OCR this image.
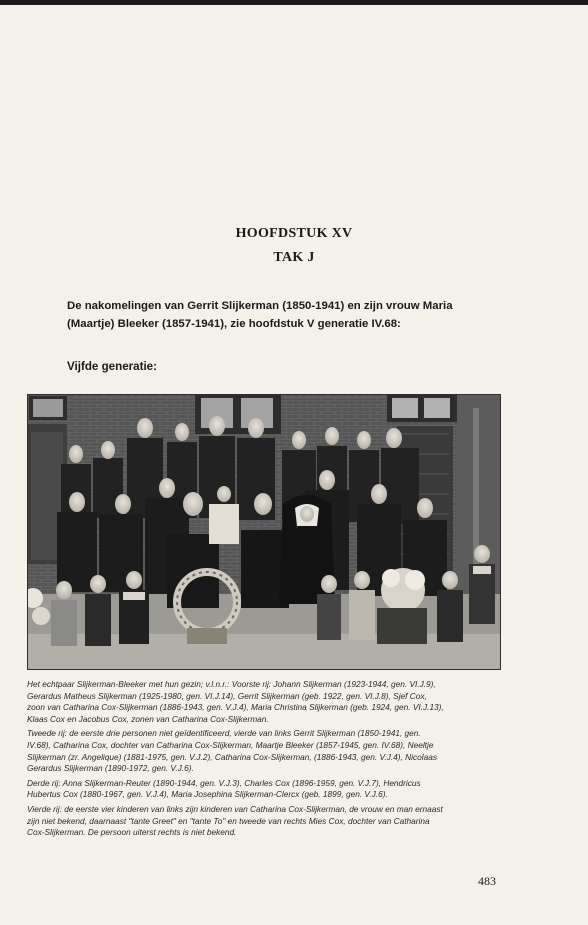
HOOFDSTUK XV
TAK J
De nakomelingen van Gerrit Slijkerman (1850-1941) en zijn vrouw Maria
(Maartje) Bleeker (1857-1941), zie hoofdstuk V generatie IV.68:
Vijfde generatie:

Het echtpaar Slijkerman-Bleeker met hun gezin; v.l.n.r.: Voorste rij: Johann Slijkerman (1923-1944, gen. VI.J.9),
Gerardus Matheus Slijkerman (1925-1980, gen. VI.J.14), Gerrit Slijkerman (geb. 1922, gen. VI.J.8), Sjef Cox,
zoon van Catharina Cox-Slijkerman (1886-1943, gen. V.J.4), Maria Christina Slijkerman (geb. 1924, gen. VI.J.13),
Klaas Cox en Jacobus Cox, zonen van Catharina Cox-Slijkerman.

Tweede rij: de eerste drie personen niet geïdentificeerd, vierde van links Gerrit Slijkerman (1850-1941, gen.
IV.68), Catharina Cox, dochter van Catharina Cox-Slijkerman, Maartje Bleeker (1857-1945, gen. IV.68), Neeltje
Slijkerman (zr. Angelique) (1881-1975, gen. V.J.2), Catharina Cox-Slijkerman, (1886-1943, gen. V.J.4), Nicolaas
Gerardus Slijkerman (1890-1972, gen. V.J.6).

Derde rij: Anna Slijkerman-Reuter (1890-1944, gen. V.J.3), Charles Cox (1896-1959, gen. V.J.7), Hendricus
Hubertus Cox (1880-1967, gen. V.J.4), Maria Josephina Slijkerman-Clercx (geb. 1899, gen. V.J.6).

Vierde rij: de eerste vier kinderen van links zijn kinderen van Catharina Cox-Slijkerman, de vrouw en man ernaast
zijn niet bekend, daarnaast "tante Greet" en "tante To" en tweede van rechts Mies Cox, dochter van Catharina
Cox-Slijkerman. De persoon uiterst rechts is niet bekend.

483
